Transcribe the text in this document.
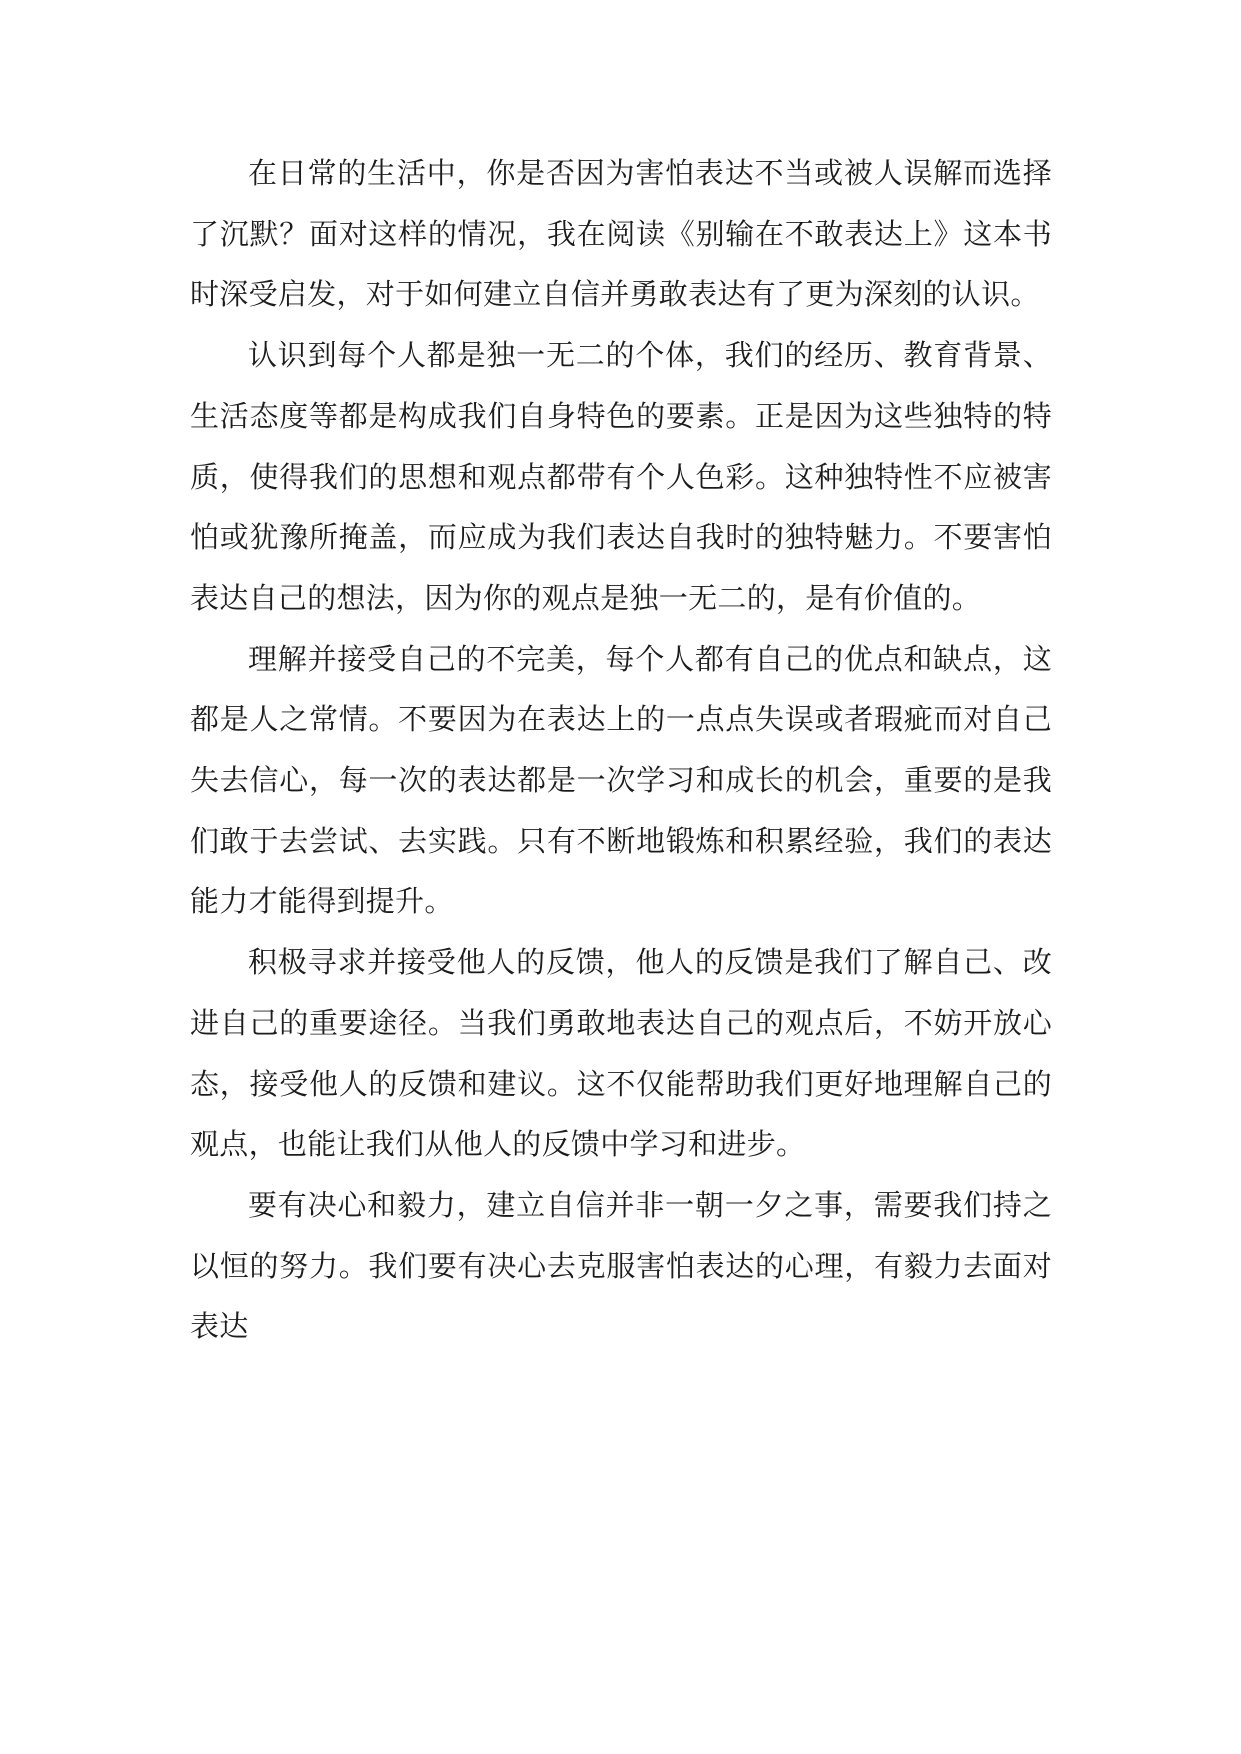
在日常的生活中，你是否因为害怕表达不当或被人误解而选择了沉默？面对这样的情况，我在阅读《别输在不敢表达上》这本书时深受启发，对于如何建立自信并勇敢表达有了更为深刻的认识。

认识到每个人都是独一无二的个体，我们的经历、教育背景、生活态度等都是构成我们自身特色的要素。正是因为这些独特的特质，使得我们的思想和观点都带有个人色彩。这种独特性不应被害怕或犹豫所掩盖，而应成为我们表达自我时的独特魅力。不要害怕表达自己的想法，因为你的观点是独一无二的，是有价值的。

理解并接受自己的不完美，每个人都有自己的优点和缺点，这都是人之常情。不要因为在表达上的一点点失误或者瑕疵而对自己失去信心，每一次的表达都是一次学习和成长的机会，重要的是我们敢于去尝试、去实践。只有不断地锻炼和积累经验，我们的表达能力才能得到提升。

积极寻求并接受他人的反馈，他人的反馈是我们了解自己、改进自己的重要途径。当我们勇敢地表达自己的观点后，不妨开放心态，接受他人的反馈和建议。这不仅能帮助我们更好地理解自己的观点，也能让我们从他人的反馈中学习和进步。

要有决心和毅力，建立自信并非一朝一夕之事，需要我们持之以恒的努力。我们要有决心去克服害怕表达的心理，有毅力去面对表达
